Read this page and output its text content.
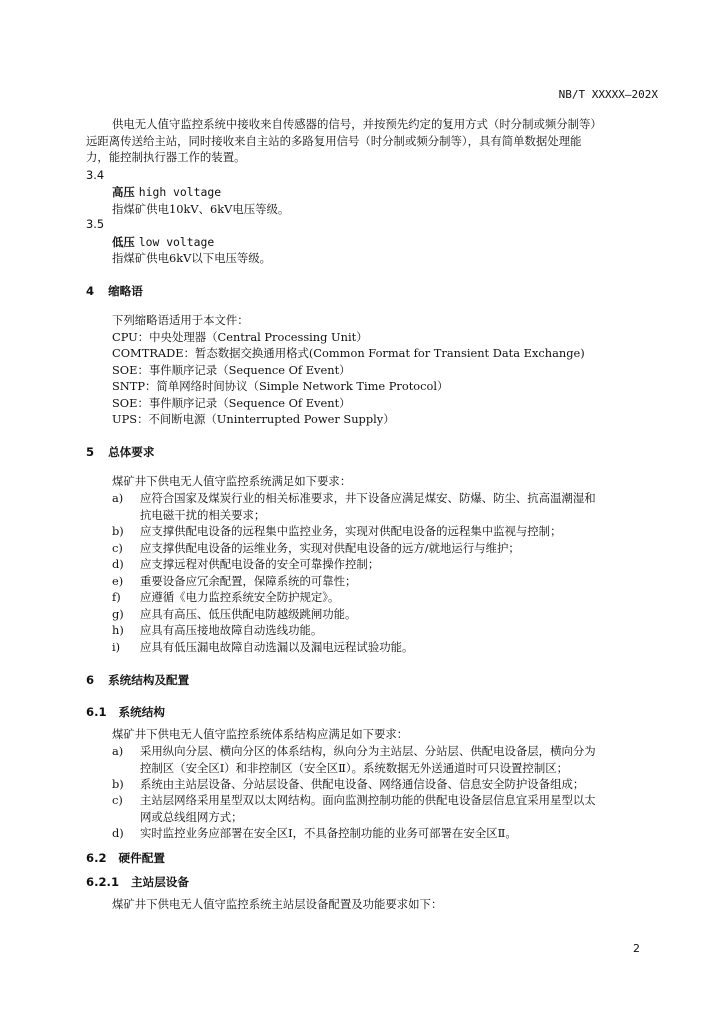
NB/T XXXXX—202X
供电无人值守监控系统中接收来自传感器的信号，并按预先约定的复用方式（时分制或频分制等）
远距离传送给主站，同时接收来自主站的多路复用信号（时分制或频分制等），具有简单数据处理能
力，能控制执行器工作的装置。
3.4
高压 high voltage
指煤矿供电10kV、6kV电压等级。
3.5
低压 low voltage
指煤矿供电6kV以下电压等级。
4 缩略语
下列缩略语适用于本文件：
CPU：中央处理器（Central Processing Unit）
COMTRADE：暂态数据交换通用格式(Common Format for Transient Data Exchange)
SOE：事件顺序记录（Sequence Of Event）
SNTP：简单网络时间协议（Simple Network Time Protocol）
SOE：事件顺序记录（Sequence Of Event）
UPS：不间断电源（Uninterrupted Power Supply）
5 总体要求
煤矿井下供电无人值守监控系统满足如下要求：
a) 应符合国家及煤炭行业的相关标准要求，井下设备应满足煤安、防爆、防尘、抗高温潮湿和
抗电磁干扰的相关要求；
b) 应支撑供配电设备的远程集中监控业务，实现对供配电设备的远程集中监视与控制；
c) 应支撑供配电设备的运维业务，实现对供配电设备的远方/就地运行与维护；
d) 应支撑远程对供配电设备的安全可靠操作控制；
e) 重要设备应冗余配置，保障系统的可靠性；
f) 应遵循《电力监控系统安全防护规定》。
g) 应具有高压、低压供配电防越级跳闸功能。
h) 应具有高压接地故障自动选线功能。
i) 应具有低压漏电故障自动选漏以及漏电远程试验功能。
6 系统结构及配置
6.1 系统结构
煤矿井下供电无人值守监控系统体系结构应满足如下要求：
a) 采用纵向分层、横向分区的体系结构，纵向分为主站层、分站层、供配电设备层，横向分为
控制区（安全区Ⅰ）和非控制区（安全区Ⅱ）。系统数据无外送通道时可只设置控制区；
b) 系统由主站层设备、分站层设备、供配电设备、网络通信设备、信息安全防护设备组成；
c) 主站层网络采用星型双以太网结构。面向监测控制功能的供配电设备层信息宜采用星型以太
网或总线组网方式；
d) 实时监控业务应部署在安全区Ⅰ，不具备控制功能的业务可部署在安全区Ⅱ。
6.2 硬件配置
6.2.1 主站层设备
煤矿井下供电无人值守监控系统主站层设备配置及功能要求如下：
2
